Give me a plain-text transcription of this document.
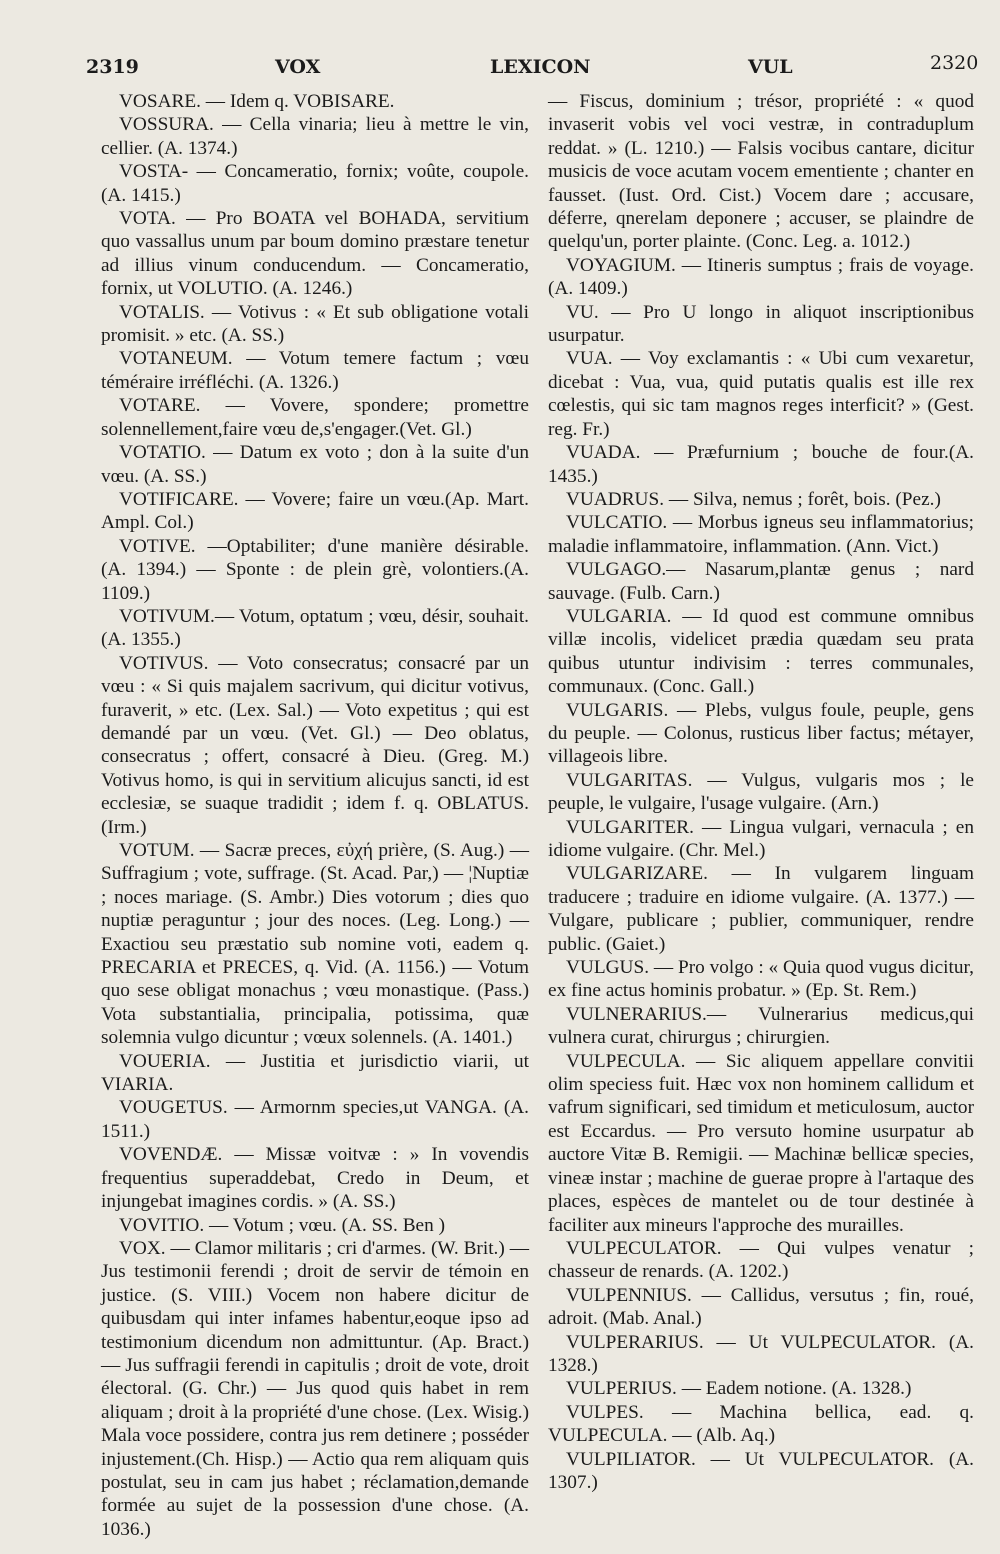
2319	VOX	LEXICON	VUL	2320

VOSARE. — Idem q. VOBISARE.

VOSSURA. — Cella vinaria; lieu à mettre le vin, cellier. (A. 1374.)

VOSTA- — Concameratio, fornix; voûte, coupole. (A. 1415.)

VOTA. — Pro BOATA vel BOHADA, servitium quo vassallus unum par boum domino præstare tenetur ad illius vinum conducendum. — Concameratio, fornix, ut VOLUTIO. (A. 1246.)

VOTALIS. — Votivus : « Et sub obligatione votali promisit. » etc. (A. SS.)

VOTANEUM. — Votum temere factum ; vœu téméraire irréfléchi. (A. 1326.)

VOTARE. — Vovere, spondere; promettre solennellement,faire vœu de,s'engager.(Vet. Gl.)

VOTATIO. — Datum ex voto ; don à la suite d'un vœu. (A. SS.)

VOTIFICARE. — Vovere; faire un vœu.(Ap. Mart. Ampl. Col.)

VOTIVE. —Optabiliter; d'une manière désirable. (A. 1394.) — Sponte : de plein grè, volontiers.(A. 1109.)

VOTIVUM.— Votum, optatum ; vœu, désir, souhait. (A. 1355.)

VOTIVUS. — Voto consecratus; consacré par un vœu : « Si quis majalem sacrivum, qui dicitur votivus, furaverit, » etc. (Lex. Sal.) — Voto expetitus ; qui est demandé par un vœu. (Vet. Gl.) — Deo oblatus, consecratus ; offert, consacré à Dieu. (Greg. M.) Votivus homo, is qui in servitium alicujus sancti, id est ecclesiæ, se suaque tradidit ; idem f. q. OBLATUS. (Irm.)

VOTUM. — Sacræ preces, εὐχή prière, (S. Aug.) — Suffragium ; vote, suffrage. (St. Acad. Par,) — ¦Nuptiæ ; noces mariage. (S. Ambr.) Dies votorum ; dies quo nuptiæ peraguntur ; jour des noces. (Leg. Long.) — Exactiou seu præstatio sub nomine voti, eadem q. PRECARIA et PRECES, q. Vid. (A. 1156.) — Votum quo sese obligat monachus ; vœu monastique. (Pass.) Vota substantialia, principalia, potissima, quæ solemnia vulgo dicuntur ; vœux solennels. (A. 1401.)

VOUERIA. — Justitia et jurisdictio viarii, ut VIARIA.

VOUGETUS. — Armornm species,ut VANGA. (A. 1511.)

VOVENDÆ. — Missæ voitvæ : » In vovendis frequentius superaddebat, Credo in Deum, et injungebat imagines cordis. » (A. SS.)

VOVITIO. — Votum ; vœu. (A. SS. Ben )

VOX. — Clamor militaris ; cri d'armes. (W. Brit.) — Jus testimonii ferendi ; droit de servir de témoin en justice. (S. VIII.) Vocem non habere dicitur de quibusdam qui inter infames habentur,eoque ipso ad testimonium dicendum non admittuntur. (Ap. Bract.) — Jus suffragii ferendi in capitulis ; droit de vote, droit électoral. (G. Chr.) — Jus quod quis habet in rem aliquam ; droit à la propriété d'une chose. (Lex. Wisig.) Mala voce possidere, contra jus rem detinere ; posséder injustement.(Ch. Hisp.) — Actio qua rem aliquam quis postulat, seu in cam jus habet ; réclamation,demande formée au sujet de la possession d'une chose. (A. 1036.)

— Fiscus, dominium ; trésor, propriété : « quod invaserit vobis vel voci vestræ, in contraduplum reddat. » (L. 1210.) — Falsis vocibus cantare, dicitur musicis de voce acutam vocem ementiente ; chanter en fausset. (Iust. Ord. Cist.) Vocem dare ; accusare, déferre, qnerelam deponere ; accuser, se plaindre de quelqu'un, porter plainte. (Conc. Leg. a. 1012.)

VOYAGIUM. — Itineris sumptus ; frais de voyage. (A. 1409.)

VU. — Pro U longo in aliquot inscriptionibus usurpatur.

VUA. — Voy exclamantis : « Ubi cum vexaretur, dicebat : Vua, vua, quid putatis qualis est ille rex cœlestis, qui sic tam magnos reges interficit? » (Gest. reg. Fr.)

VUADA. — Præfurnium ; bouche de four.(A. 1435.)

VUADRUS. — Silva, nemus ; forêt, bois. (Pez.)

VULCATIO. — Morbus igneus seu inflammatorius; maladie inflammatoire, inflammation. (Ann. Vict.)

VULGAGO.— Nasarum,plantæ genus ; nard sauvage. (Fulb. Carn.)

VULGARIA. — Id quod est commune omnibus villæ incolis, videlicet prædia quædam seu prata quibus utuntur indivisim : terres communales, communaux. (Conc. Gall.)

VULGARIS. — Plebs, vulgus foule, peuple, gens du peuple. — Colonus, rusticus liber factus; métayer, villageois libre.

VULGARITAS. — Vulgus, vulgaris mos ; le peuple, le vulgaire, l'usage vulgaire. (Arn.)

VULGARITER. — Lingua vulgari, vernacula ; en idiome vulgaire. (Chr. Mel.)

VULGARIZARE. — In vulgarem linguam traducere ; traduire en idiome vulgaire. (A. 1377.) — Vulgare, publicare ; publier, communiquer, rendre public. (Gaiet.)

VULGUS. — Pro volgo : « Quia quod vugus dicitur, ex fine actus hominis probatur. » (Ep. St. Rem.)

VULNERARIUS.— Vulnerarius medicus,qui vulnera curat, chirurgus ; chirurgien.

VULPECULA. — Sic aliquem appellare convitii olim speciess fuit. Hæc vox non hominem callidum et vafrum significari, sed timidum et meticulosum, auctor est Eccardus. — Pro versuto homine usurpatur ab auctore Vitæ B. Remigii. — Machinæ bellicæ species, vineæ instar ; machine de guerae propre à l'artaque des places, espèces de mantelet ou de tour destinée à faciliter aux mineurs l'approche des murailles.

VULPECULATOR. — Qui vulpes venatur ; chasseur de renards. (A. 1202.)

VULPENNIUS. — Callidus, versutus ; fin, roué, adroit. (Mab. Anal.)

VULPERARIUS. — Ut VULPECULATOR. (A. 1328.)

VULPERIUS. — Eadem notione. (A. 1328.)

VULPES. — Machina bellica, ead. q. VULPECULA. — (Alb. Aq.)

VULPILIATOR. — Ut VULPECULATOR. (A. 1307.)
